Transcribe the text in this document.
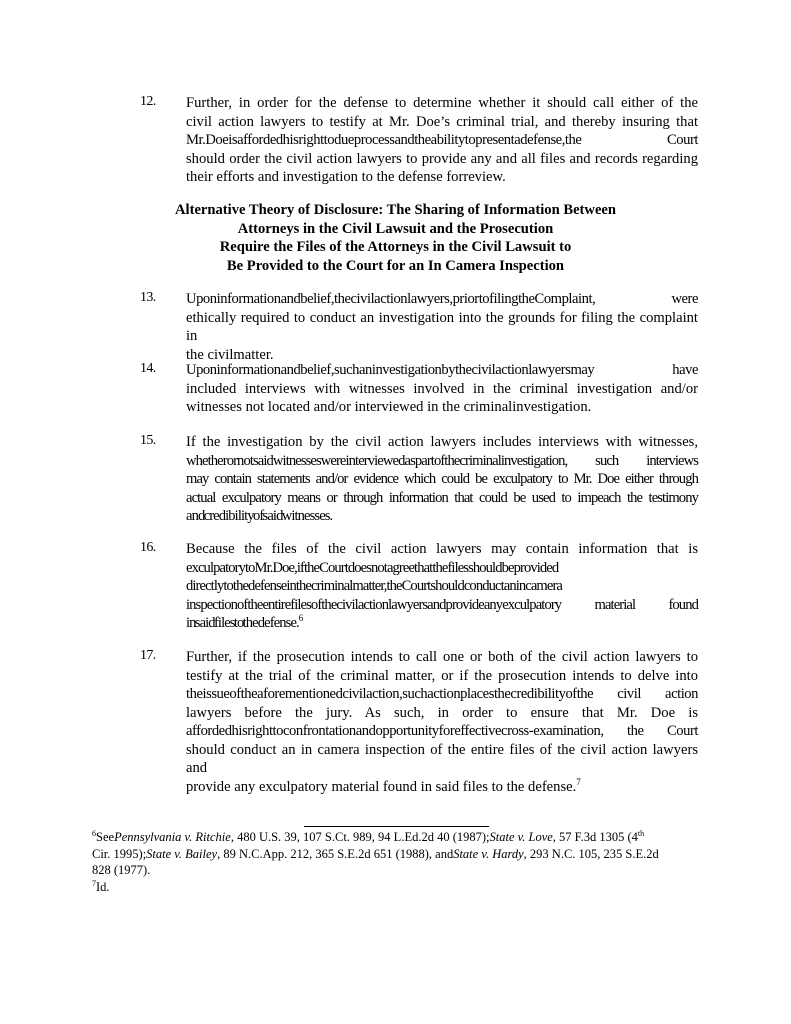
12. Further, in order for the defense to determine whether it should call either of the
civil action lawyers to testify at Mr. Doe’s criminal trial, and thereby insuring that
Mr.Doeisaffordedhisrighttodueprocessandtheabilitytopresentadefense,the Court
should order the civil action lawyers to provide any and all files and records regarding
their efforts and investigation to the defense forreview.
Alternative Theory of Disclosure: The Sharing of Information Between
Attorneys in the Civil Lawsuit and the Prosecution
Require the Files of the Attorneys in the Civil Lawsuit to
Be Provided to the Court for an In Camera Inspection
13. Uponinformationandbelief,thecivilactionlawyers,priortofilingtheComplaint, were
ethically required to conduct an investigation into the grounds for filing the complaint in
the civilmatter.
14. Uponinformationandbelief,suchaninvestigationbythecivilactionlawyersmay have
included interviews with witnesses involved in the criminal investigation and/or
witnesses not located and/or interviewed in the criminalinvestigation.
15. If the investigation by the civil action lawyers includes interviews with witnesses,
whetherornotsaidwitnesseswereinterviewedaspartofthecriminalinvestigation, such interviews
may contain statements and/or evidence which could be exculpatory to Mr. Doe either through
actual exculpatory means or through information that could be used to impeach the testimony
and credibility of said witnesses.
16. Because the files of the civil action lawyers may contain information that is
exculpatorytoMr.Doe,iftheCourtdoesnotagreethatthefilesshouldbeprovided
directlytothedefenseinthecriminalmatter,theCourtshouldconductanincamera
inspectionoftheentirefilesofthecivilactionlawyersandprovideanyexculpatory material found
in said files to thedefense.$^6$
17. Further, if the prosecution intends to call one or both of the civil action lawyers to
testify at the trial of the criminal matter, or if the prosecution intends to delve into
theissueoftheaforementionedcivilaction,suchactionplacesthecredibilityofthe civil action
lawyers before the jury. As such, in order to ensure that Mr. Doe is
affordedhisrighttoconfrontationandopportunityforeffectivecross-examination, the Court
should conduct an in camera inspection of the entire files of the civil action lawyers and
provide any exculpatory material found in said files to the defense.$^7$

$^6$SeePennsylvania v. Ritchie, 480 U.S. 39, 107 S.Ct. 989, 94 L.Ed.2d 40 (1987);State v. Love, 57 F.3d 1305 (4th
Cir. 1995);State v. Bailey, 89 N.C.App. 212, 365 S.E.2d 651 (1988), andState v. Hardy, 293 N.C. 105, 235 S.E.2d
828 (1977).

$^7$Id.
